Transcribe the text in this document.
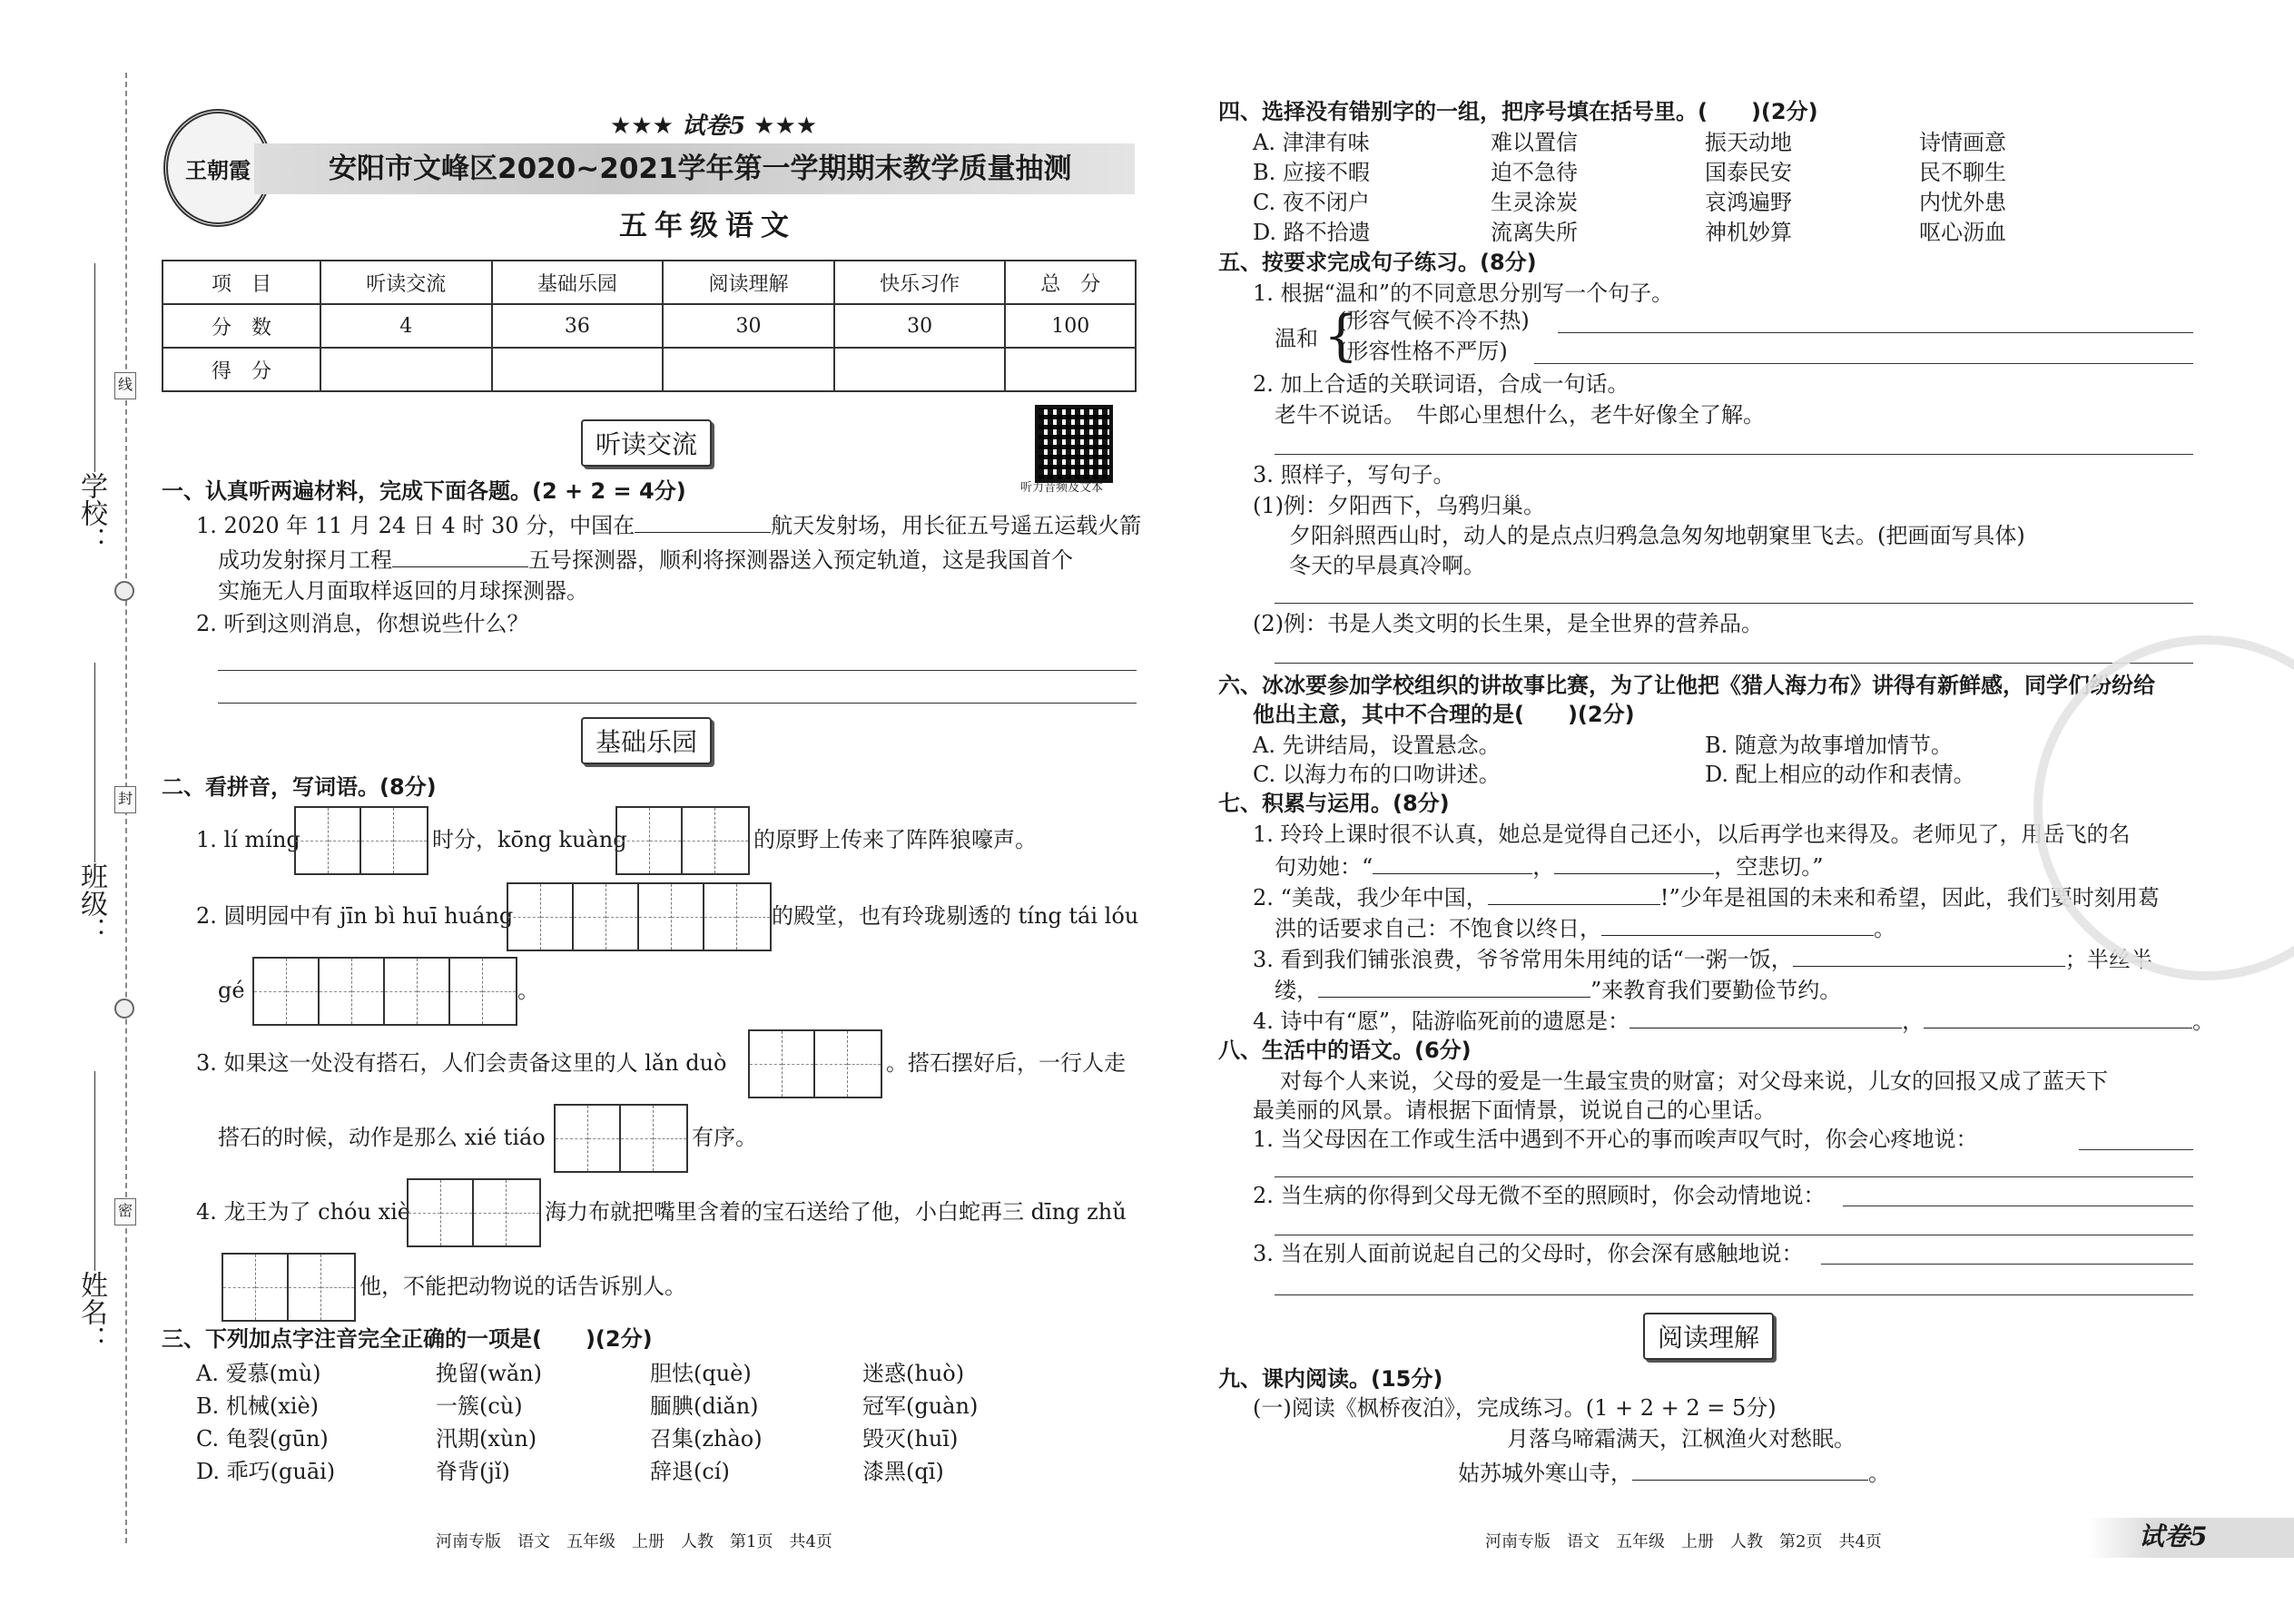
学校：
班级：
姓名：
线
封
密
王朝霞
★★★ 试卷5 ★★★
安阳市文峰区2020~2021学年第一学期期末教学质量抽测
五年级语文
项　目	听读交流	基础乐园	阅读理解	快乐习作	总　分
分　数	4	36	30	30	100
得　分					
听力音频及文本
听读交流
一、认真听两遍材料，完成下面各题。(2 + 2 = 4分)
1. 2020 年 11 月 24 日 4 时 30 分，中国在	航天发射场，用长征五号遥五运载火箭
成功发射探月工程	五号探测器，顺利将探测器送入预定轨道，这是我国首个
实施无人月面取样返回的月球探测器。
2. 听到这则消息，你想说些什么？
基础乐园
二、看拼音，写词语。(8分)
1. lí míng	时分，kōng kuàng	的原野上传来了阵阵狼嚎声。
2. 圆明园中有 jīn bì huī huáng	的殿堂，也有玲珑剔透的 tíng tái lóu
gé	。
3. 如果这一处没有搭石，人们会责备这里的人 lǎn duò	。搭石摆好后，一行人走
搭石的时候，动作是那么 xié tiáo	有序。
4. 龙王为了 chóu xiè	海力布就把嘴里含着的宝石送给了他，小白蛇再三 dīng zhǔ
他，不能把动物说的话告诉别人。
三、下列加点字注音完全正确的一项是(　　)(2分)
A. 爱慕(mù)	挽留(wǎn)	胆怯(què)	迷惑(huò)
B. 机械(xiè)	一簇(cù)	腼腆(diǎn)	冠军(guàn)
C. 龟裂(gūn)	汛期(xùn)	召集(zhào)	毁灭(huī)
D. 乖巧(guāi)	脊背(jǐ)	辞退(cí)	漆黑(qī)
河南专版　语文　五年级　上册　人教　第1页　共4页
四、选择没有错别字的一组，把序号填在括号里。(　　)(2分)
A. 津津有味	难以置信	振天动地	诗情画意
B. 应接不暇	迫不急待	国泰民安	民不聊生
C. 夜不闭户	生灵涂炭	哀鸿遍野	内忧外患
D. 路不拾遗	流离失所	神机妙算	呕心沥血
五、按要求完成句子练习。(8分)
1. 根据“温和”的不同意思分别写一个句子。
温和 {
(形容气候不冷不热)
(形容性格不严厉)
2. 加上合适的关联词语，合成一句话。
老牛不说话。　牛郎心里想什么，老牛好像全了解。
3. 照样子，写句子。
(1)例：夕阳西下，乌鸦归巢。
夕阳斜照西山时，动人的是点点归鸦急急匆匆地朝窠里飞去。(把画面写具体)
冬天的早晨真冷啊。
(2)例：书是人类文明的长生果，是全世界的营养品。
六、冰冰要参加学校组织的讲故事比赛，为了让他把《猎人海力布》讲得有新鲜感，同学们纷纷给
他出主意，其中不合理的是(　　)(2分)
A. 先讲结局，设置悬念。	B. 随意为故事增加情节。
C. 以海力布的口吻讲述。	D. 配上相应的动作和表情。
七、积累与运用。(8分)
1. 玲玲上课时很不认真，她总是觉得自己还小，以后再学也来得及。老师见了，用岳飞的名
句劝她：“	，	，空悲切。”
2. “美哉，我少年中国，	!”少年是祖国的未来和希望，因此，我们要时刻用葛
洪的话要求自己：不饱食以终日，	。
3. 看到我们铺张浪费，爷爷常用朱用纯的话“一粥一饭，	；半丝半
缕，	”来教育我们要勤俭节约。
4. 诗中有“愿”，陆游临死前的遗愿是：	，	。
八、生活中的语文。(6分)
对每个人来说，父母的爱是一生最宝贵的财富；对父母来说，儿女的回报又成了蓝天下
最美丽的风景。请根据下面情景，说说自己的心里话。
1. 当父母因在工作或生活中遇到不开心的事而唉声叹气时，你会心疼地说：
2. 当生病的你得到父母无微不至的照顾时，你会动情地说：
3. 当在别人面前说起自己的父母时，你会深有感触地说：
阅读理解
九、课内阅读。(15分)
(一)阅读《枫桥夜泊》，完成练习。(1 + 2 + 2 = 5分)
月落乌啼霜满天，江枫渔火对愁眠。
姑苏城外寒山寺，	。
河南专版　语文　五年级　上册　人教　第2页　共4页	试卷5
